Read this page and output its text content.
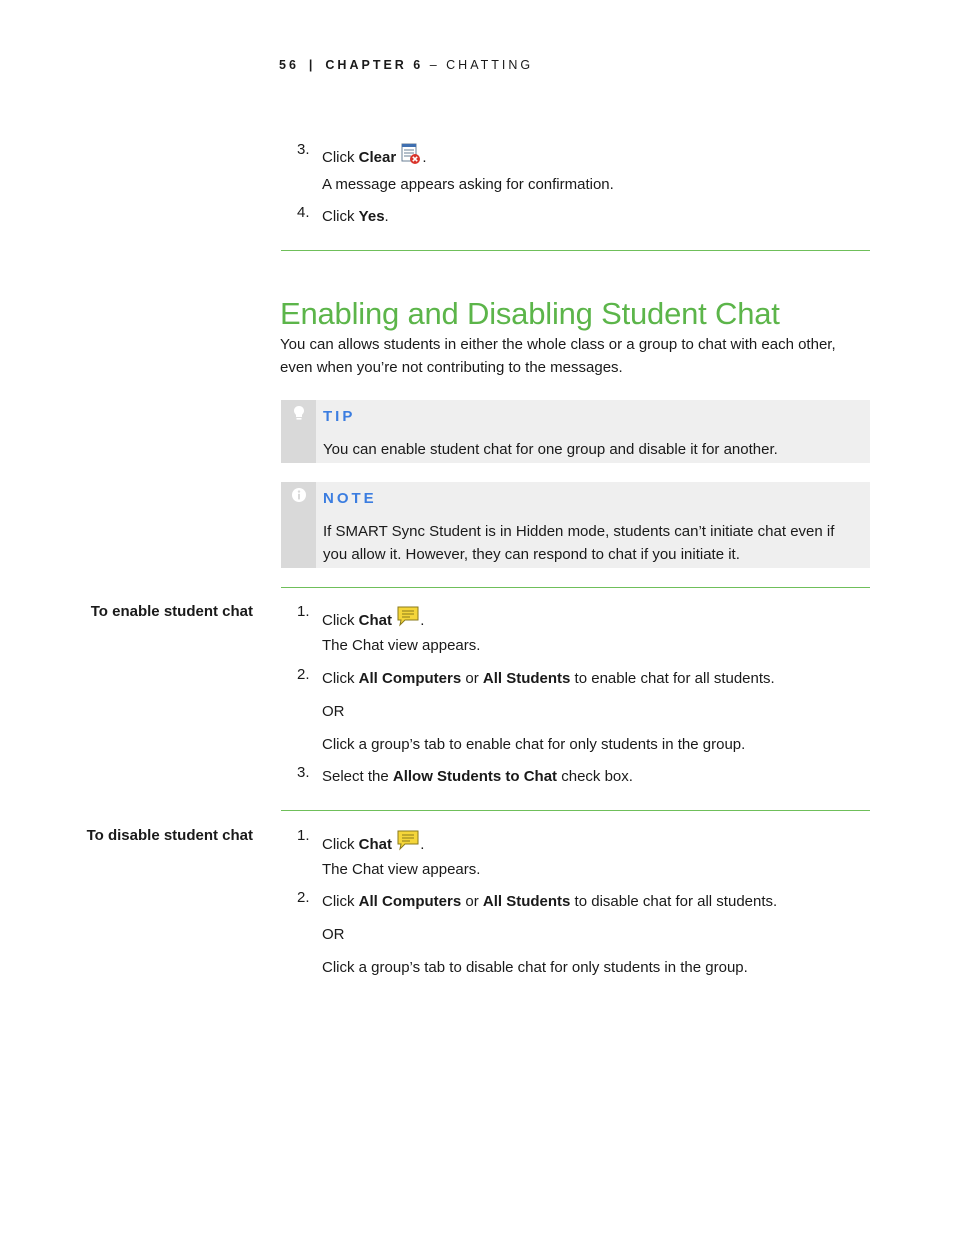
56 | CHAPTER 6 – CHATTING
3. Click Clear .
A message appears asking for confirmation.
4. Click Yes.
Enabling and Disabling Student Chat
You can allows students in either the whole class or a group to chat with each other,
even when you’re not contributing to the messages.
TIP
You can enable student chat for one group and disable it for another.
NOTE
If SMART Sync Student is in Hidden mode, students can’t initiate chat even if
you allow it. However, they can respond to chat if you initiate it.
To enable student chat	1.
Click Chat .
The Chat view appears.
2. Click All Computers or All Students to enable chat for all students.
OR
Click a group’s tab to enable chat for only students in the group.
3. Select the Allow Students to Chat check box.
To disable student chat	1.
Click Chat .
The Chat view appears.
2. Click All Computers or All Students to disable chat for all students.
OR
Click a group’s tab to disable chat for only students in the group.
